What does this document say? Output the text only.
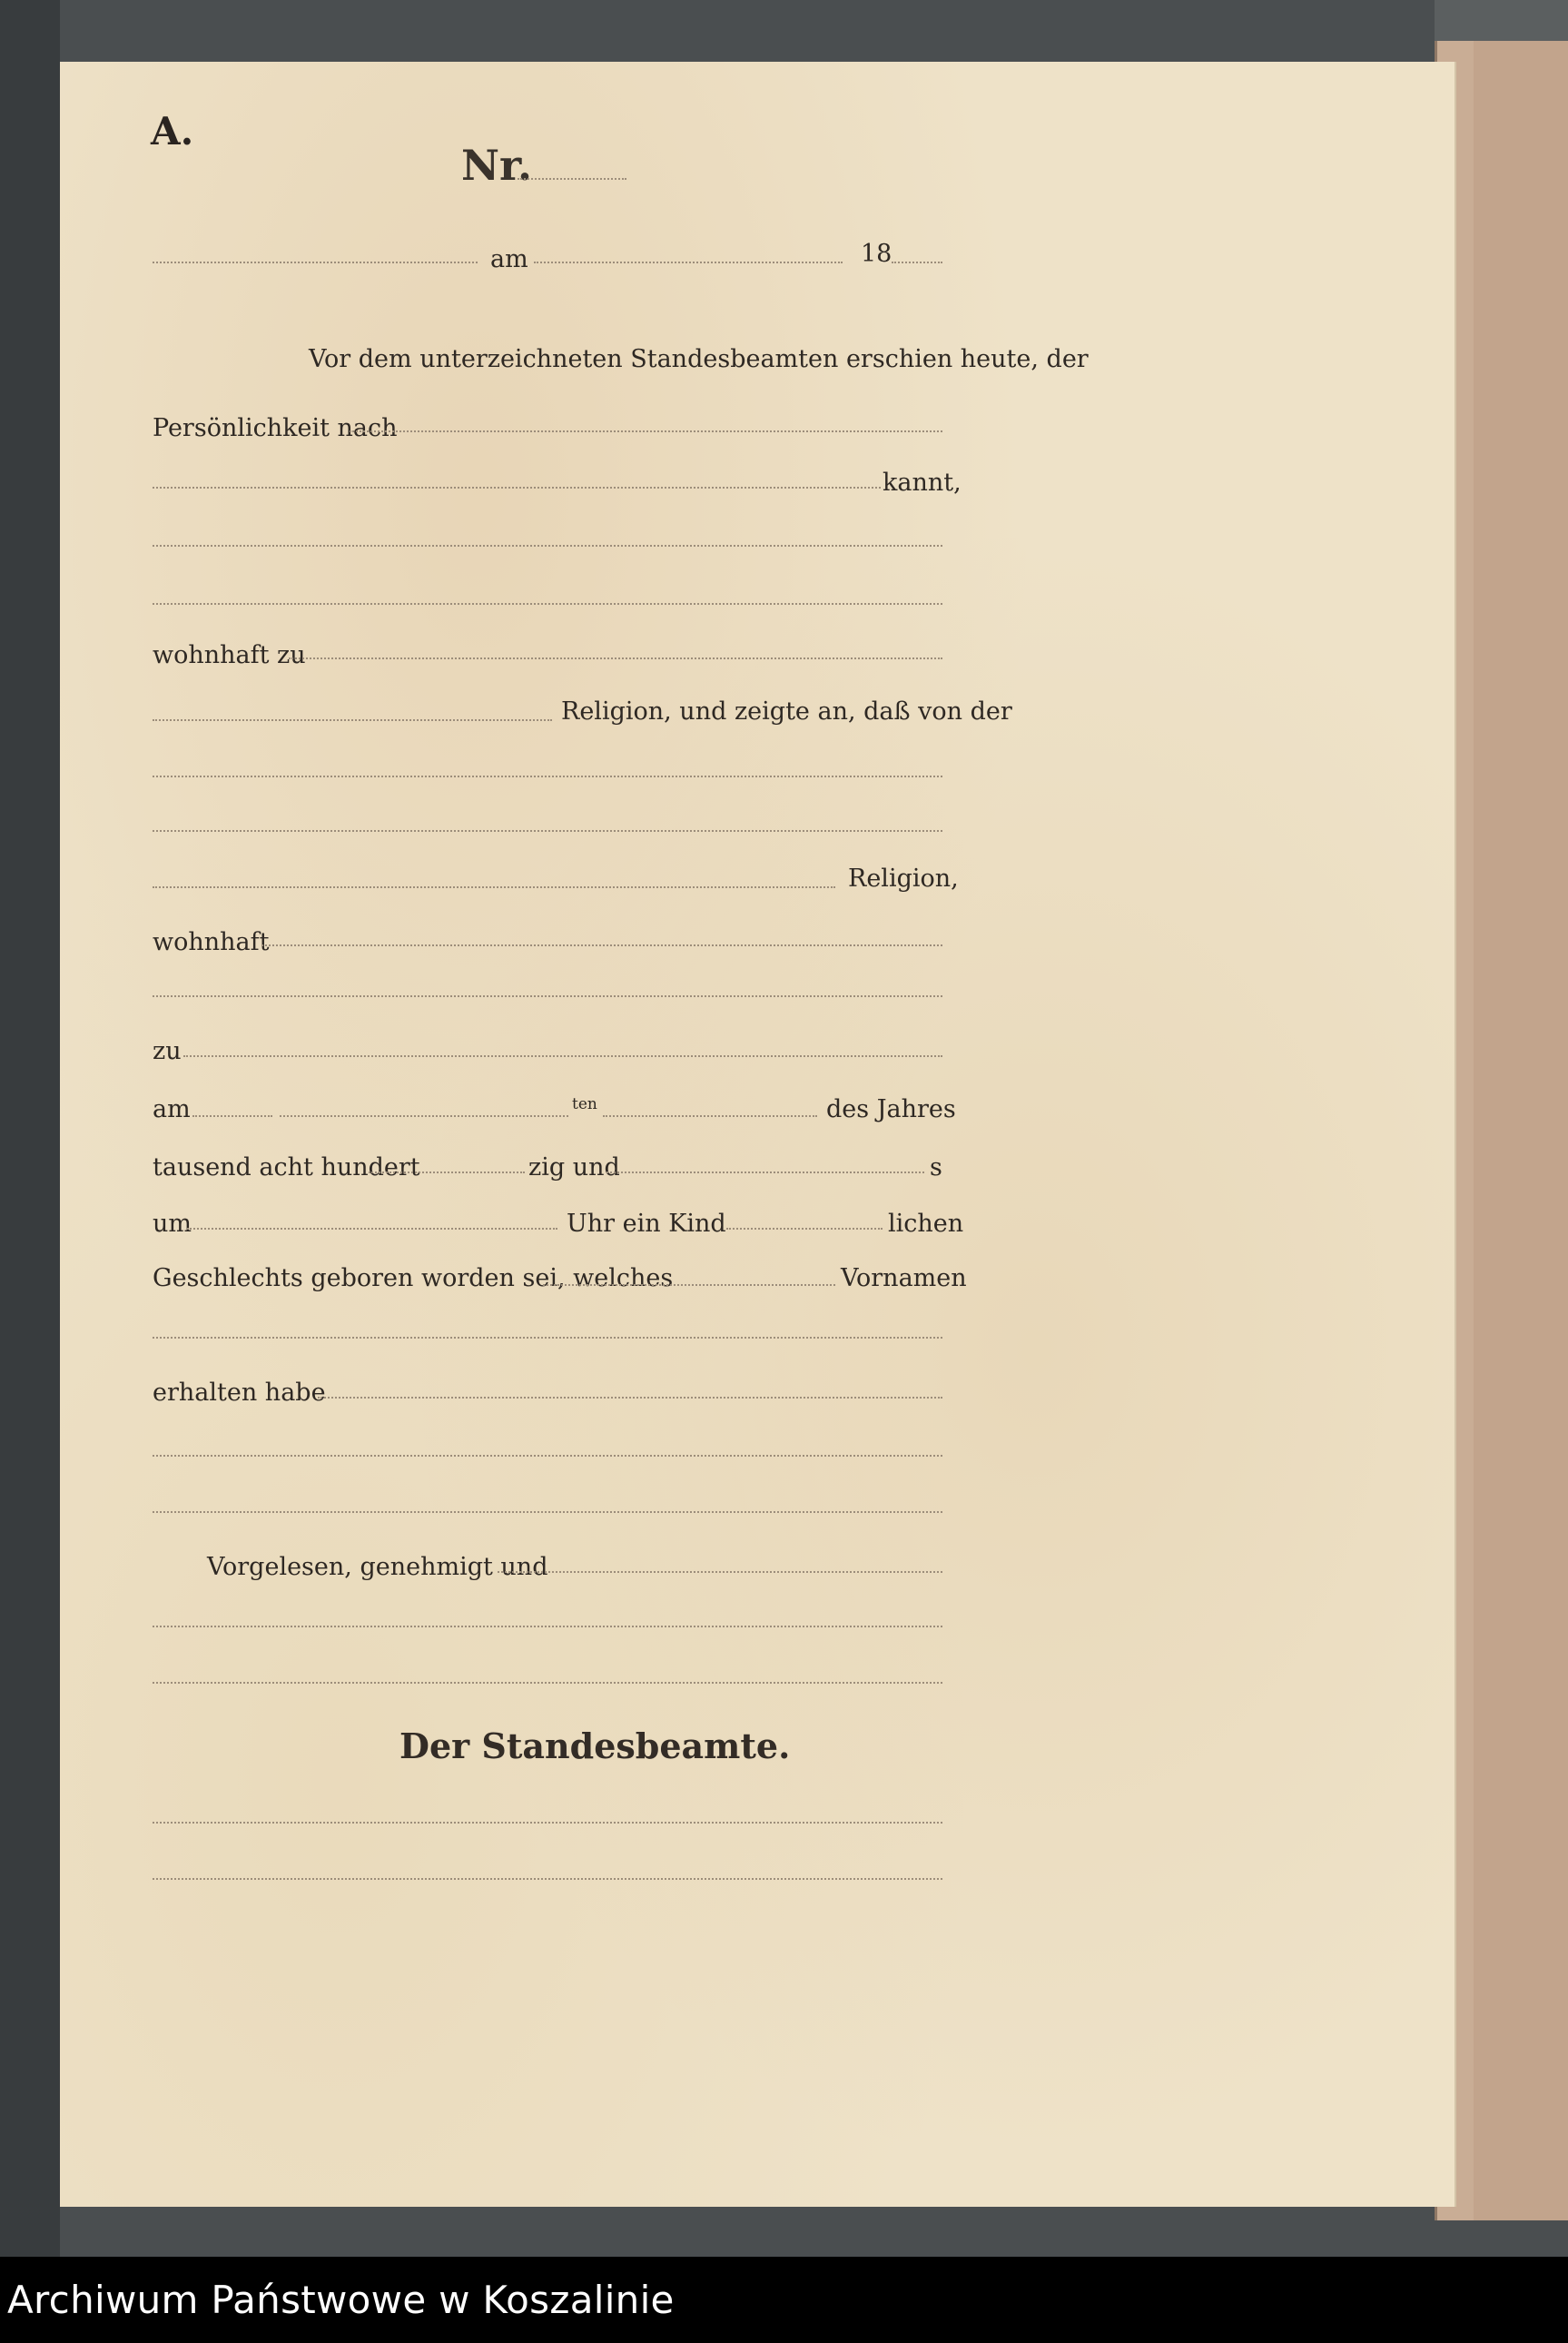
A.
Nr.
am	18
Vor dem unterzeichneten Standesbeamten erschien heute, der
Persönlichkeit nach
kannt,
wohnhaft zu
Religion, und zeigte an, daß von der
Religion,
wohnhaft
zu
am	ten	des Jahres
tausend acht hundert	zig und	s
um	Uhr ein Kind	lichen
Geschlechts geboren worden sei, welches	Vornamen
erhalten habe
Vorgelesen, genehmigt und
Der Standesbeamte.
Archiwum Państwowe w Koszalinie
